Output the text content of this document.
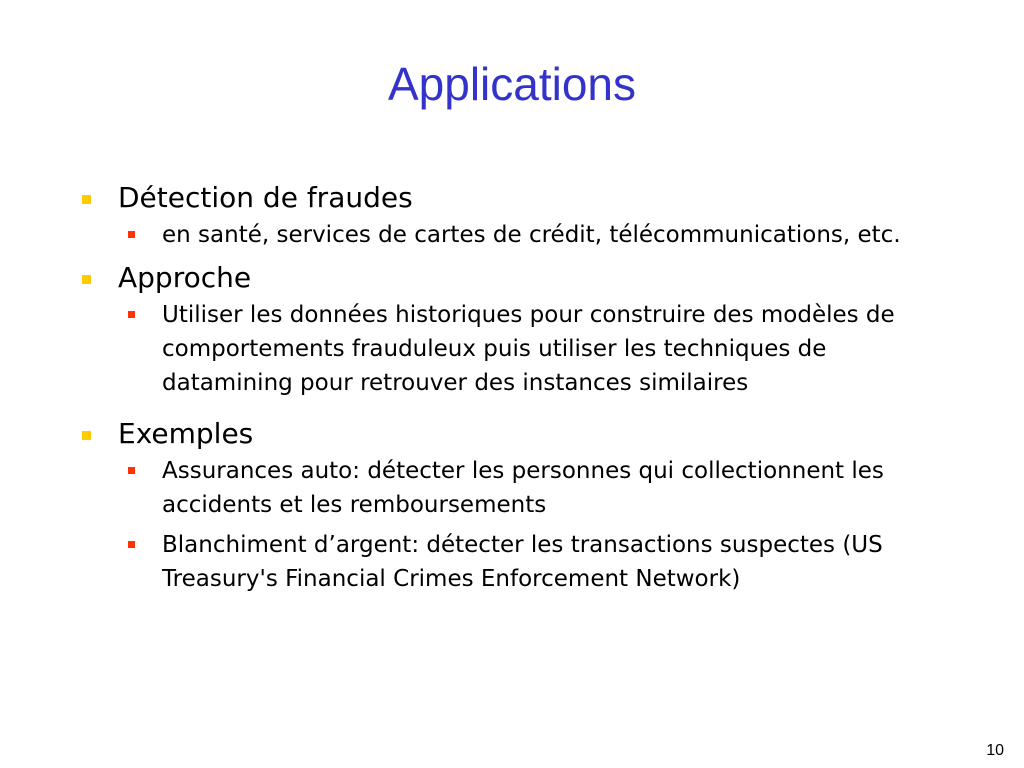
Applications
Détection de fraudes
en santé, services de cartes de crédit, télécommunications, etc.
Approche
Utiliser les données historiques pour construire des modèles de comportements frauduleux puis utiliser les techniques de datamining pour retrouver des instances similaires
Exemples
Assurances auto: détecter les personnes qui collectionnent les accidents et les remboursements
Blanchiment d’argent: détecter les transactions suspectes (US Treasury's Financial Crimes Enforcement Network)
10
